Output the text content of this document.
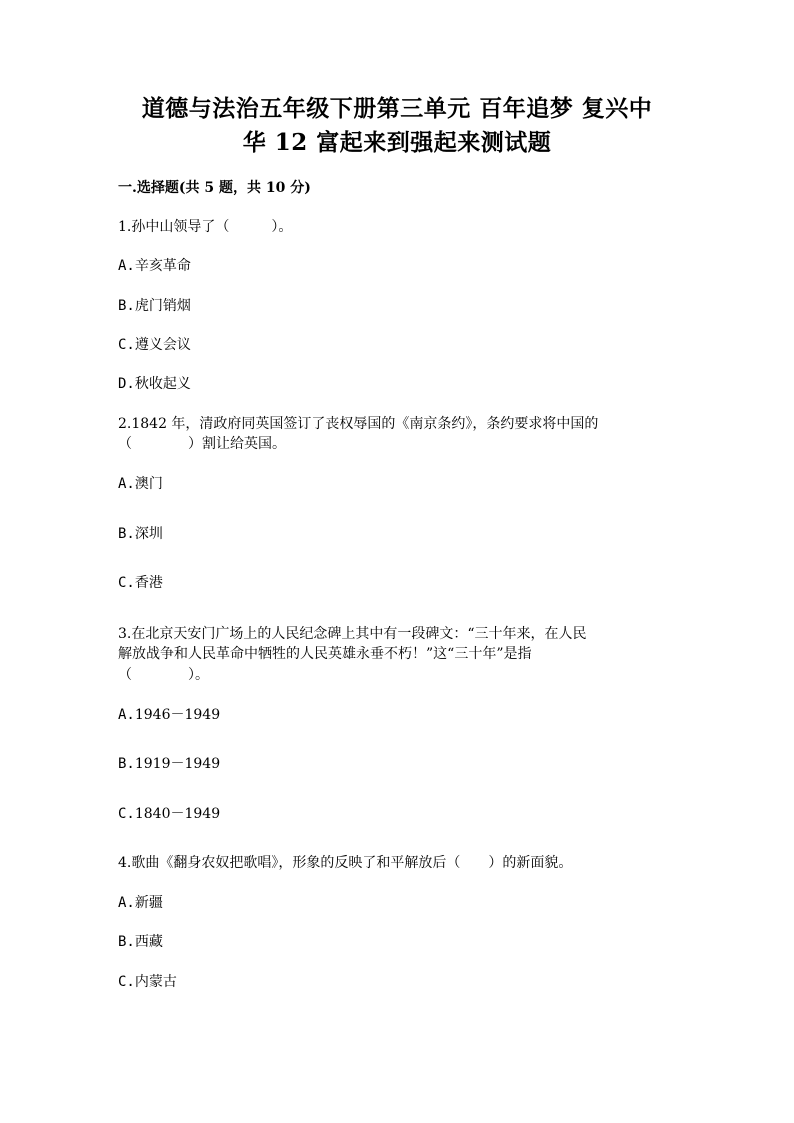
道德与法治五年级下册第三单元 百年追梦 复兴中
华 12 富起来到强起来测试题
一.选择题(共 5 题，共 10 分)
1.孙中山领导了（　　　）。
A.辛亥革命
B.虎门销烟
C.遵义会议
D.秋收起义
2.1842 年，清政府同英国签订了丧权辱国的《南京条约》，条约要求将中国的
（　　　　）割让给英国。
A.澳门
B.深圳
C.香港
3.在北京天安门广场上的人民纪念碑上其中有一段碑文：“三十年来，在人民
解放战争和人民革命中牺牲的人民英雄永垂不朽！”这“三十年”是指
（　　　　）。
A.1946－1949
B.1919－1949
C.1840－1949
4.歌曲《翻身农奴把歌唱》，形象的反映了和平解放后（　　）的新面貌。
A.新疆
B.西藏
C.内蒙古
